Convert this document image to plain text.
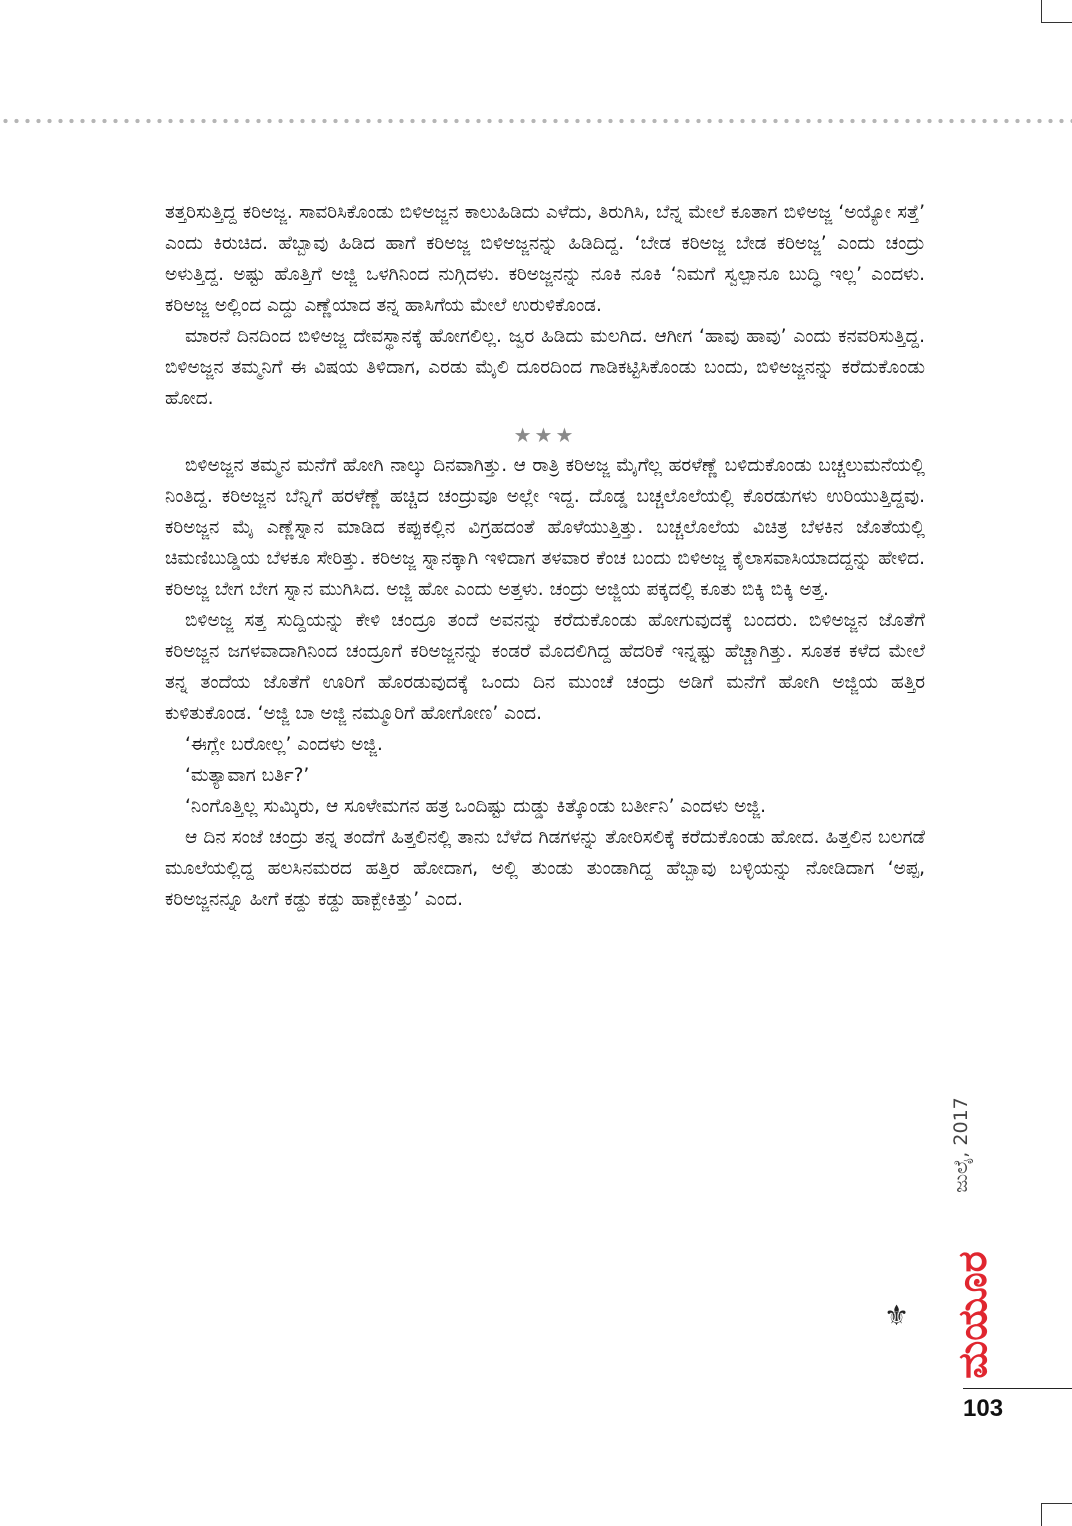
ತತ್ತರಿಸುತ್ತಿದ್ದ ಕರಿಅಜ್ಜ. ಸಾವರಿಸಿಕೊಂಡು ಬಿಳಿಅಜ್ಜನ ಕಾಲುಹಿಡಿದು ಎಳೆದು, ತಿರುಗಿಸಿ, ಬೆನ್ನ ಮೇಲೆ ಕೂತಾಗ ಬಿಳಿಅಜ್ಜ ‘ಅಯ್ಯೋ ಸತ್ತೆ’ ಎಂದು ಕಿರುಚಿದ. ಹೆಬ್ಬಾವು ಹಿಡಿದ ಹಾಗೆ ಕರಿಅಜ್ಜ ಬಿಳಿಅಜ್ಜನನ್ನು ಹಿಡಿದಿದ್ದ. ‘ಬೇಡ ಕರಿಅಜ್ಜ ಬೇಡ ಕರಿಅಜ್ಜ’ ಎಂದು ಚಂದ್ರು ಅಳುತ್ತಿದ್ದ. ಅಷ್ಟು ಹೊತ್ತಿಗೆ ಅಜ್ಜಿ ಒಳಗಿನಿಂದ ನುಗ್ಗಿದಳು. ಕರಿಅಜ್ಜನನ್ನು ನೂಕಿ ನೂಕಿ ‘ನಿಮಗೆ ಸ್ವಲ್ಪಾನೂ ಬುದ್ಧಿ ಇಲ್ಲ’ ಎಂದಳು. ಕರಿಅಜ್ಜ ಅಲ್ಲಿಂದ ಎದ್ದು ಎಣ್ಣೆಯಾದ ತನ್ನ ಹಾಸಿಗೆಯ ಮೇಲೆ ಉರುಳಿಕೊಂಡ.

ಮಾರನೆ ದಿನದಿಂದ ಬಿಳಿಅಜ್ಜ ದೇವಸ್ಥಾನಕ್ಕೆ ಹೋಗಲಿಲ್ಲ. ಜ್ವರ ಹಿಡಿದು ಮಲಗಿದ. ಆಗೀಗ ‘ಹಾವು ಹಾವು’ ಎಂದು ಕನವರಿಸುತ್ತಿದ್ದ. ಬಿಳಿಅಜ್ಜನ ತಮ್ಮನಿಗೆ ಈ ವಿಷಯ ತಿಳಿದಾಗ, ಎರಡು ಮೈಲಿ ದೂರದಿಂದ ಗಾಡಿಕಟ್ಟಿಸಿಕೊಂಡು ಬಂದು, ಬಿಳಿಅಜ್ಜನನ್ನು ಕರೆದುಕೊಂಡು ಹೋದ.

★★★

ಬಿಳಿಅಜ್ಜನ ತಮ್ಮನ ಮನೆಗೆ ಹೋಗಿ ನಾಲ್ಕು ದಿನವಾಗಿತ್ತು. ಆ ರಾತ್ರಿ ಕರಿಅಜ್ಜ ಮೈಗೆಲ್ಲ ಹರಳೆಣ್ಣೆ ಬಳಿದುಕೊಂಡು ಬಚ್ಚಲುಮನೆಯಲ್ಲಿ ನಿಂತಿದ್ದ. ಕರಿಅಜ್ಜನ ಬೆನ್ನಿಗೆ ಹರಳೆಣ್ಣೆ ಹಚ್ಚಿದ ಚಂದ್ರುವೂ ಅಲ್ಲೇ ಇದ್ದ. ದೊಡ್ಡ ಬಚ್ಚಲೊಲೆಯಲ್ಲಿ ಕೊರಡುಗಳು ಉರಿಯುತ್ತಿದ್ದವು. ಕರಿಅಜ್ಜನ ಮೈ ಎಣ್ಣೆಸ್ನಾನ ಮಾಡಿದ ಕಪ್ಪುಕಲ್ಲಿನ ವಿಗ್ರಹದಂತೆ ಹೊಳೆಯುತ್ತಿತ್ತು. ಬಚ್ಚಲೊಲೆಯ ವಿಚಿತ್ರ ಬೆಳಕಿನ ಜೊತೆಯಲ್ಲಿ ಚಿಮಣಿಬುಡ್ಡಿಯ ಬೆಳಕೂ ಸೇರಿತ್ತು. ಕರಿಅಜ್ಜ ಸ್ನಾನಕ್ಕಾಗಿ ಇಳಿದಾಗ ತಳವಾರ ಕೆಂಚ ಬಂದು ಬಿಳಿಅಜ್ಜ ಕೈಲಾಸವಾಸಿಯಾದದ್ದನ್ನು ಹೇಳಿದ. ಕರಿಅಜ್ಜ ಬೇಗ ಬೇಗ ಸ್ನಾನ ಮುಗಿಸಿದ. ಅಜ್ಜಿ ಹೋ ಎಂದು ಅತ್ತಳು. ಚಂದ್ರು ಅಜ್ಜಿಯ ಪಕ್ಕದಲ್ಲಿ ಕೂತು ಬಿಕ್ಕಿ ಬಿಕ್ಕಿ ಅತ್ತ.

ಬಿಳಿಅಜ್ಜ ಸತ್ತ ಸುದ್ದಿಯನ್ನು ಕೇಳಿ ಚಂದ್ರೂ ತಂದೆ ಅವನನ್ನು ಕರೆದುಕೊಂಡು ಹೋಗುವುದಕ್ಕೆ ಬಂದರು. ಬಿಳಿಅಜ್ಜನ ಜೊತೆಗೆ ಕರಿಅಜ್ಜನ ಜಗಳವಾದಾಗಿನಿಂದ ಚಂದ್ರೂಗೆ ಕರಿಅಜ್ಜನನ್ನು ಕಂಡರೆ ಮೊದಲಿಗಿದ್ದ ಹೆದರಿಕೆ ಇನ್ನಷ್ಟು ಹೆಚ್ಚಾಗಿತ್ತು. ಸೂತಕ ಕಳೆದ ಮೇಲೆ ತನ್ನ ತಂದೆಯ ಜೊತೆಗೆ ಊರಿಗೆ ಹೊರಡುವುದಕ್ಕೆ ಒಂದು ದಿನ ಮುಂಚೆ ಚಂದ್ರು ಅಡಿಗೆ ಮನೆಗೆ ಹೋಗಿ ಅಜ್ಜಿಯ ಹತ್ತಿರ ಕುಳಿತುಕೊಂಡ. ‘ಅಜ್ಜಿ ಬಾ ಅಜ್ಜಿ ನಮ್ಮೂರಿಗೆ ಹೋಗೋಣ’ ಎಂದ.

‘ಈಗ್ಲೇ ಬರೋಲ್ಲ’ ಎಂದಳು ಅಜ್ಜಿ.

‘ಮತ್ಯಾವಾಗ ಬರ್ತಿ?’

‘ನಿಂಗೊತ್ತಿಲ್ಲ ಸುಮ್ಕಿರು, ಆ ಸೂಳೇಮಗನ ಹತ್ರ ಒಂದಿಷ್ಟು ದುಡ್ಡು ಕಿತ್ಕೊಂಡು ಬರ್ತೀನಿ’ ಎಂದಳು ಅಜ್ಜಿ.

ಆ ದಿನ ಸಂಜೆ ಚಂದ್ರು ತನ್ನ ತಂದೆಗೆ ಹಿತ್ತಲಿನಲ್ಲಿ ತಾನು ಬೆಳೆದ ಗಿಡಗಳನ್ನು ತೋರಿಸಲಿಕ್ಕೆ ಕರೆದುಕೊಂಡು ಹೋದ. ಹಿತ್ತಲಿನ ಬಲಗಡೆ ಮೂಲೆಯಲ್ಲಿದ್ದ ಹಲಸಿನಮರದ ಹತ್ತಿರ ಹೋದಾಗ, ಅಲ್ಲಿ ತುಂಡು ತುಂಡಾಗಿದ್ದ ಹೆಬ್ಬಾವು ಬಳ್ಳಿಯನ್ನು ನೋಡಿದಾಗ ‘ಅಪ್ಪ, ಕರಿಅಜ್ಜನನ್ನೂ ಹೀಗೆ ಕಡ್ದು ಕಡ್ದು ಹಾಕ್ಬೇಕಿತ್ತು’ ಎಂದ.

ಜುಲೈ, 2017
⚜ ಮಯೂರ
103
